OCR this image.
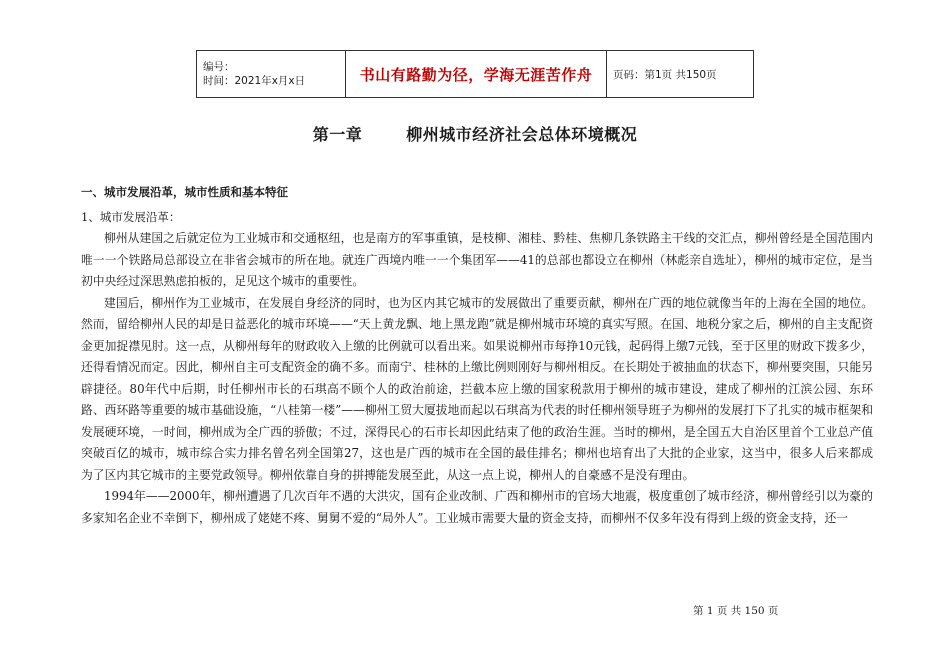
编号：
时间：2021年x月x日	书山有路勤为径，学海无涯苦作舟	页码：第1页 共150页
第一章	柳州城市经济社会总体环境概况
一、城市发展沿革，城市性质和基本特征
1、城市发展沿革：

柳州从建国之后就定位为工业城市和交通枢纽，也是南方的军事重镇，是枝柳、湘桂、黔桂、焦柳几条铁路主干线的交汇点，柳州曾经是全国范围内唯一一个铁路局总部设立在非省会城市的所在地。就连广西境内唯一一个集团军——41的总部也都设立在柳州（林彪亲自选址），柳州的城市定位，是当初中央经过深思熟虑拍板的，足见这个城市的重要性。

建国后，柳州作为工业城市，在发展自身经济的同时，也为区内其它城市的发展做出了重要贡献，柳州在广西的地位就像当年的上海在全国的地位。然而，留给柳州人民的却是日益恶化的城市环境——“天上黄龙飘、地上黑龙跑”就是柳州城市环境的真实写照。在国、地税分家之后，柳州的自主支配资金更加捉襟见肘。这一点，从柳州每年的财政收入上缴的比例就可以看出来。如果说柳州市每挣10元钱，起码得上缴7元钱，至于区里的财政下拨多少，还得看情况而定。因此，柳州自主可支配资金的确不多。而南宁、桂林的上缴比例则刚好与柳州相反。在长期处于被抽血的状态下，柳州要突围，只能另辟捷径。80年代中后期，时任柳州市长的石琪高不顾个人的政治前途，拦截本应上缴的国家税款用于柳州的城市建设，建成了柳州的江滨公园、东环路、西环路等重要的城市基础设施，“八桂第一楼”——柳州工贸大厦拔地而起以石琪高为代表的时任柳州领导班子为柳州的发展打下了扎实的城市框架和发展硬环境，一时间，柳州成为全广西的骄傲；不过，深得民心的石市长却因此结束了他的政治生涯。当时的柳州，是全国五大自治区里首个工业总产值突破百亿的城市，城市综合实力排名曾名列全国第27，这也是广西的城市在全国的最佳排名；柳州也培育出了大批的企业家，这当中，很多人后来都成为了区内其它城市的主要党政领导。柳州依靠自身的拼搏能发展至此，从这一点上说，柳州人的自豪感不是没有理由。

1994年——2000年，柳州遭遇了几次百年不遇的大洪灾，国有企业改制、广西和柳州市的官场大地震，极度重创了城市经济，柳州曾经引以为豪的多家知名企业不幸倒下，柳州成了姥姥不疼、舅舅不爱的“局外人”。工业城市需要大量的资金支持，而柳州不仅多年没有得到上级的资金支持，还一

第 1 页 共 150 页
